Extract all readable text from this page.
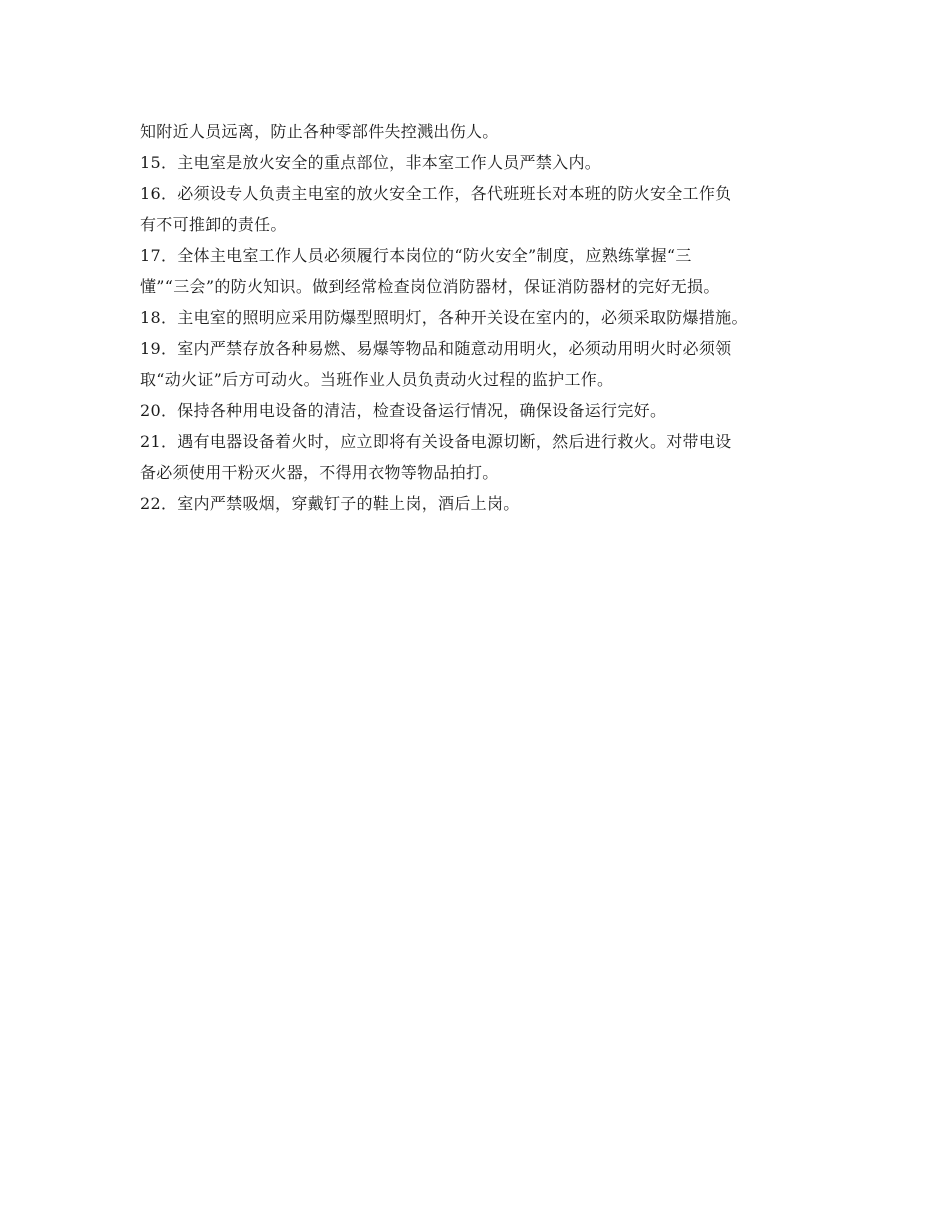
知附近人员远离，防止各种零部件失控溅出伤人。
15．主电室是放火安全的重点部位，非本室工作人员严禁入内。
16．必须设专人负责主电室的放火安全工作，各代班班长对本班的防火安全工作负
有不可推卸的责任。
17．全体主电室工作人员必须履行本岗位的“防火安全”制度，应熟练掌握“三
懂”“三会”的防火知识。做到经常检查岗位消防器材，保证消防器材的完好无损。
18．主电室的照明应采用防爆型照明灯，各种开关设在室内的，必须采取防爆措施。
19．室内严禁存放各种易燃、易爆等物品和随意动用明火，必须动用明火时必须领
取“动火证”后方可动火。当班作业人员负责动火过程的监护工作。
20．保持各种用电设备的清洁，检查设备运行情况，确保设备运行完好。
21．遇有电器设备着火时，应立即将有关设备电源切断，然后进行救火。对带电设
备必须使用干粉灭火器，不得用衣物等物品拍打。
22．室内严禁吸烟，穿戴钉子的鞋上岗，酒后上岗。
